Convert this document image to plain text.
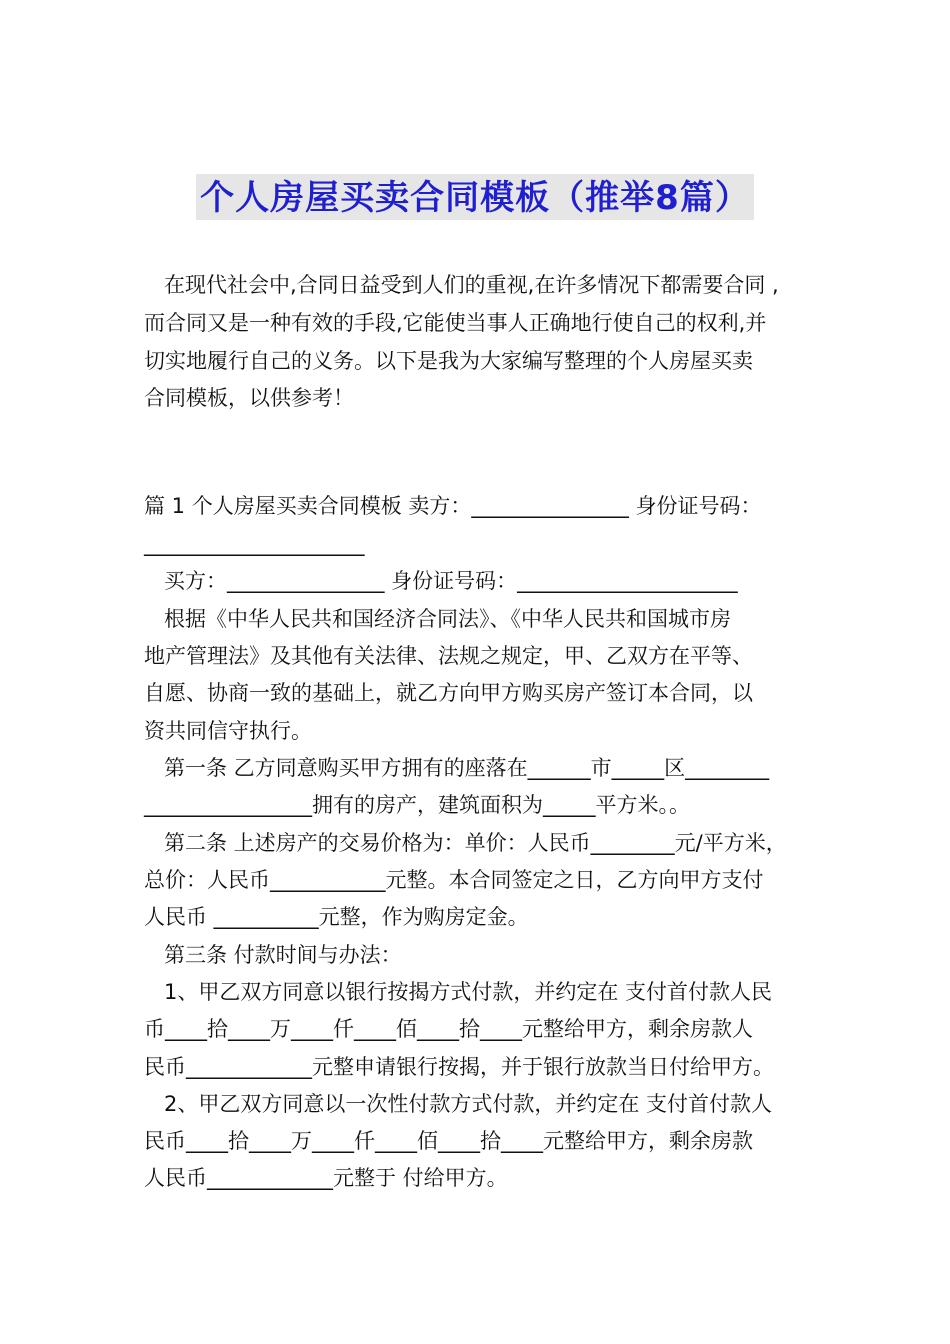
个人房屋买卖合同模板（推举8篇）
在现代社会中,合同日益受到人们的重视,在许多情况下都需要合同 ,
而合同又是一种有效的手段,它能使当事人正确地行使自己的权利,并
切实地履行自己的义务。以下是我为大家编写整理的个人房屋买卖
合同模板，以供参考！
篇 1 个人房屋买卖合同模板 卖方：_______________ 身份证号码：
_____________________
买方：_______________ 身份证号码：_____________________
根据《中华人民共和国经济合同法》、《中华人民共和国城市房
地产管理法》及其他有关法律、法规之规定，甲、乙双方在平等、
自愿、协商一致的基础上，就乙方向甲方购买房产签订本合同，以
资共同信守执行。
第一条 乙方同意购买甲方拥有的座落在______市_____区________
________________拥有的房产，建筑面积为_____平方米。。
第二条 上述房产的交易价格为：单价：人民币________元/平方米，
总价：人民币___________元整。本合同签定之日，乙方向甲方支付
人民币 __________元整，作为购房定金。
第三条 付款时间与办法：
1、甲乙双方同意以银行按揭方式付款，并约定在 支付首付款人民
币____拾____万____仟____佰____拾____元整给甲方，剩余房款人
民币____________元整申请银行按揭，并于银行放款当日付给甲方。
2、甲乙双方同意以一次性付款方式付款，并约定在 支付首付款人
民币____拾____万____仟____佰____拾____元整给甲方，剩余房款
人民币____________元整于 付给甲方。
